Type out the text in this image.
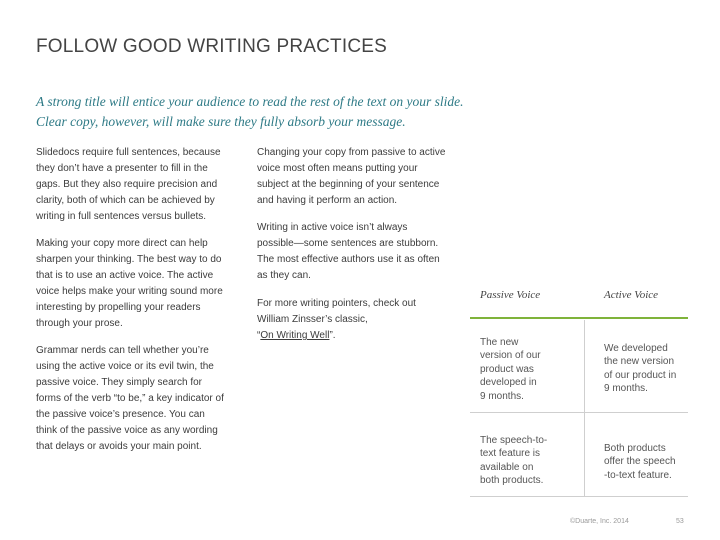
FOLLOW GOOD WRITING PRACTICES
A strong title will entice your audience to read the rest of the text on your slide.
Clear copy, however, will make sure they fully absorb your message.
Slidedocs require full sentences, because
they don’t have a presenter to fill in the
gaps. But they also require precision and
clarity, both of which can be achieved by
writing in full sentences versus bullets.
Making your copy more direct can help
sharpen your thinking. The best way to do
that is to use an active voice. The active
voice helps make your writing sound more
interesting by propelling your readers
through your prose.
Grammar nerds can tell whether you’re
using the active voice or its evil twin, the
passive voice. They simply search for
forms of the verb “to be,” a key indicator of
the passive voice’s presence. You can
think of the passive voice as any wording
that delays or avoids your main point.
Changing your copy from passive to active
voice most often means putting your
subject at the beginning of your sentence
and having it perform an action.
Writing in active voice isn’t always
possible—some sentences are stubborn.
The most effective authors use it as often
as they can.
For more writing pointers, check out
William Zinsser’s classic,
“On Writing Well”.
Passive Voice	Active Voice
The new
version of our
product was
developed in
9 months.
We developed
the new version
of our product in
9 months.
The speech-to-
text feature is
available on
both products.
Both products
offer the speech
-to-text feature.
©Duarte, Inc. 2014	53
